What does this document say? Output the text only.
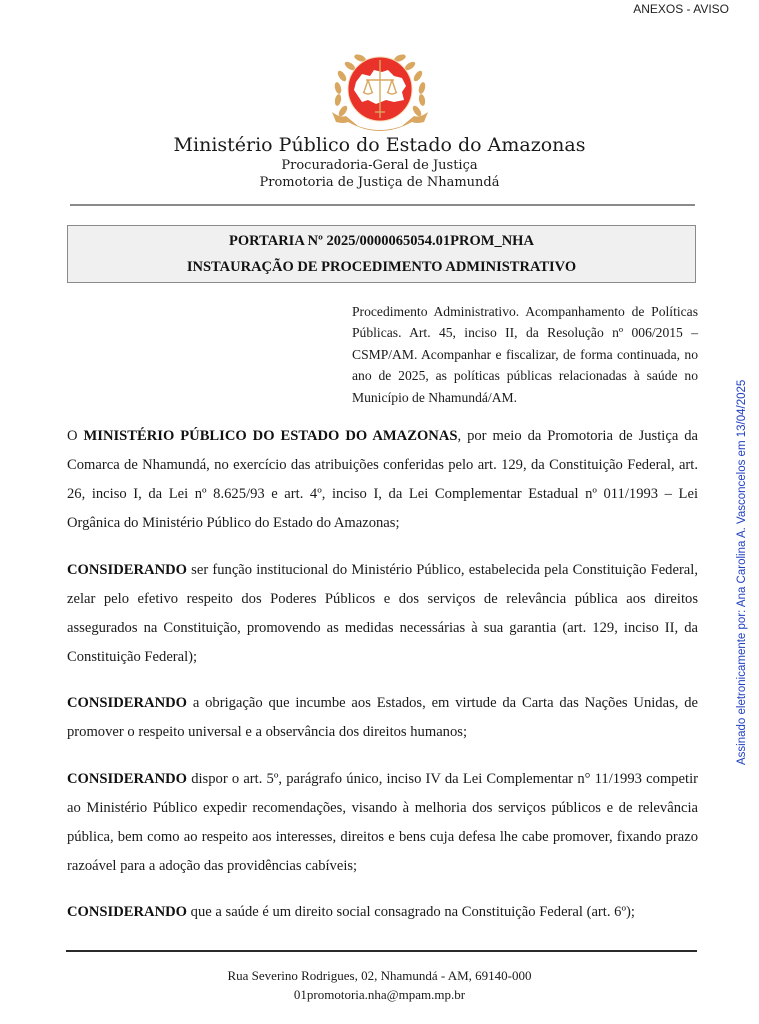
ANEXOS - AVISO
Ministério Público do Estado do Amazonas
Procuradoria-Geral de Justiça
Promotoria de Justiça de Nhamundá
PORTARIA Nº 2025/0000065054.01PROM_NHA
INSTAURAÇÃO DE PROCEDIMENTO ADMINISTRATIVO
Procedimento Administrativo. Acompanhamento de Políticas Públicas. Art. 45, inciso II, da Resolução nº 006/2015 – CSMP/AM. Acompanhar e fiscalizar, de forma continuada, no ano de 2025, as políticas públicas relacionadas à saúde no Município de Nhamundá/AM.
O MINISTÉRIO PÚBLICO DO ESTADO DO AMAZONAS, por meio da Promotoria de Justiça da Comarca de Nhamundá, no exercício das atribuições conferidas pelo art. 129, da Constituição Federal, art. 26, inciso I, da Lei nº 8.625/93 e art. 4º, inciso I, da Lei Complementar Estadual nº 011/1993 – Lei Orgânica do Ministério Público do Estado do Amazonas;
CONSIDERANDO ser função institucional do Ministério Público, estabelecida pela Constituição Federal, zelar pelo efetivo respeito dos Poderes Públicos e dos serviços de relevância pública aos direitos assegurados na Constituição, promovendo as medidas necessárias à sua garantia (art. 129, inciso II, da Constituição Federal);
CONSIDERANDO a obrigação que incumbe aos Estados, em virtude da Carta das Nações Unidas, de promover o respeito universal e a observância dos direitos humanos;
CONSIDERANDO dispor o art. 5º, parágrafo único, inciso IV da Lei Complementar n° 11/1993 competir ao Ministério Público expedir recomendações, visando à melhoria dos serviços públicos e de relevância pública, bem como ao respeito aos interesses, direitos e bens cuja defesa lhe cabe promover, fixando prazo razoável para a adoção das providências cabíveis;
CONSIDERANDO que a saúde é um direito social consagrado na Constituição Federal (art. 6º);
Rua Severino Rodrigues, 02, Nhamundá - AM, 69140-000
01promotoria.nha@mpam.mp.br
Assinado eletronicamente por: Ana Carolina A. Vasconcelos em 13/04/2025
